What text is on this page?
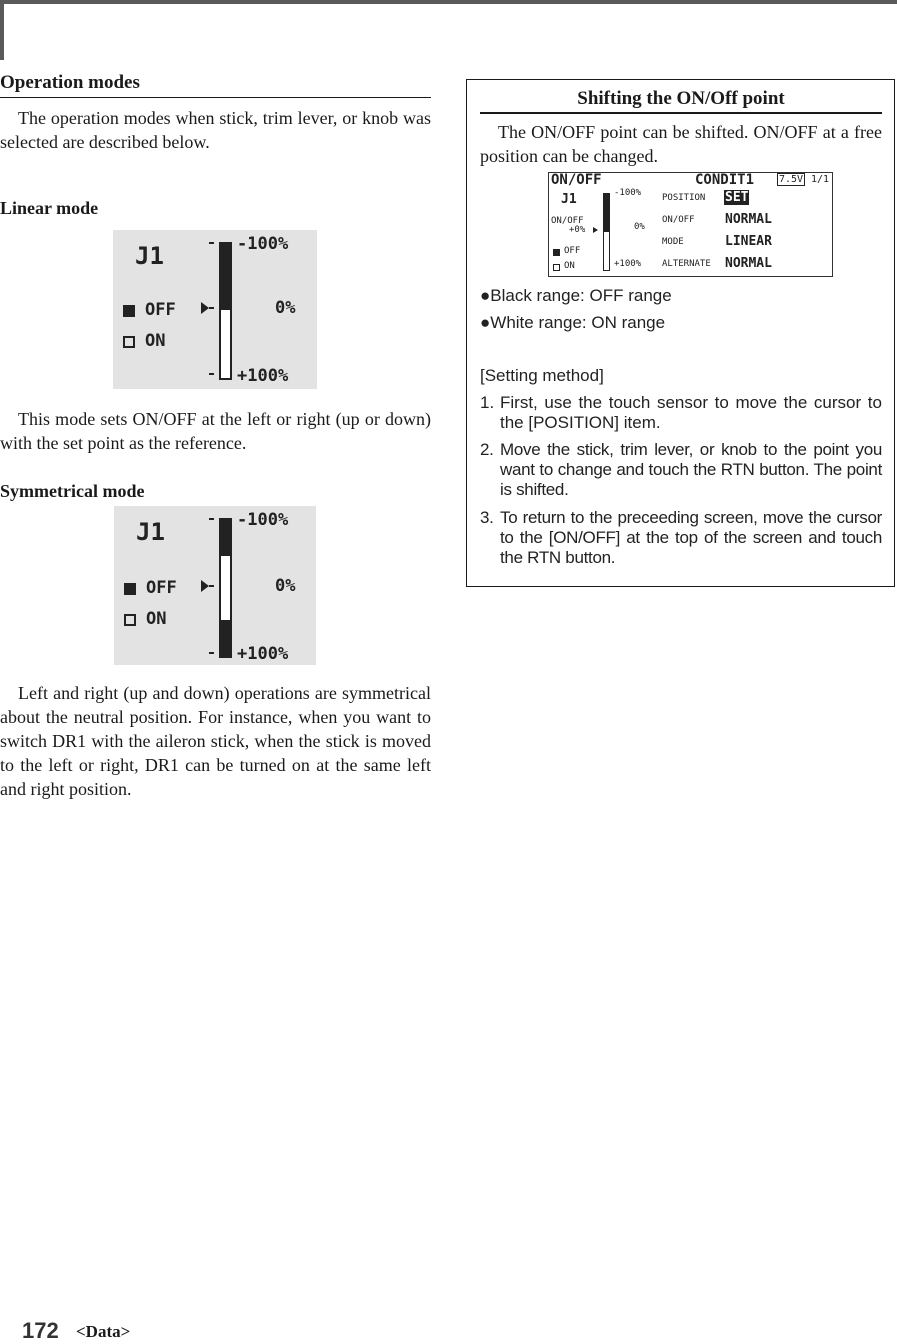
Operation modes

The operation modes when stick, trim lever, or knob was selected are described below.

Linear mode
J1
OFF
ON
-100%
0%
+100%

This mode sets ON/OFF at the left or right (up or down) with the set point as the reference.

Symmetrical mode
J1
OFF
ON
-100%
0%
+100%

Left and right (up and down) operations are symmetrical about the neutral position. For instance, when you want to switch DR1 with the aileron stick, when the stick is moved to the left or right, DR1 can be turned on at the same left and right position.

Shifting the ON/Off point

The ON/OFF point can be shifted. ON/OFF at a free position can be changed.

ON/OFF	CONDIT1 7.5V 1/1
J1
ON/OFF
+0%
OFF
ON
-100%
0%
+100%
POSITION SET
ON/OFF NORMAL
MODE	LINEAR
ALTERNATE NORMAL
●Black range: OFF range
●White range: ON range
[Setting method]
1. First, use the touch sensor to move the cursor to the [POSITION] item.
2. Move the stick, trim lever, or knob to the point you want to change and touch the RTN button. The point is shifted.
3. To return to the preceeding screen, move the cursor to the [ON/OFF] at the top of the screen and touch the RTN button.
172 <Data>
